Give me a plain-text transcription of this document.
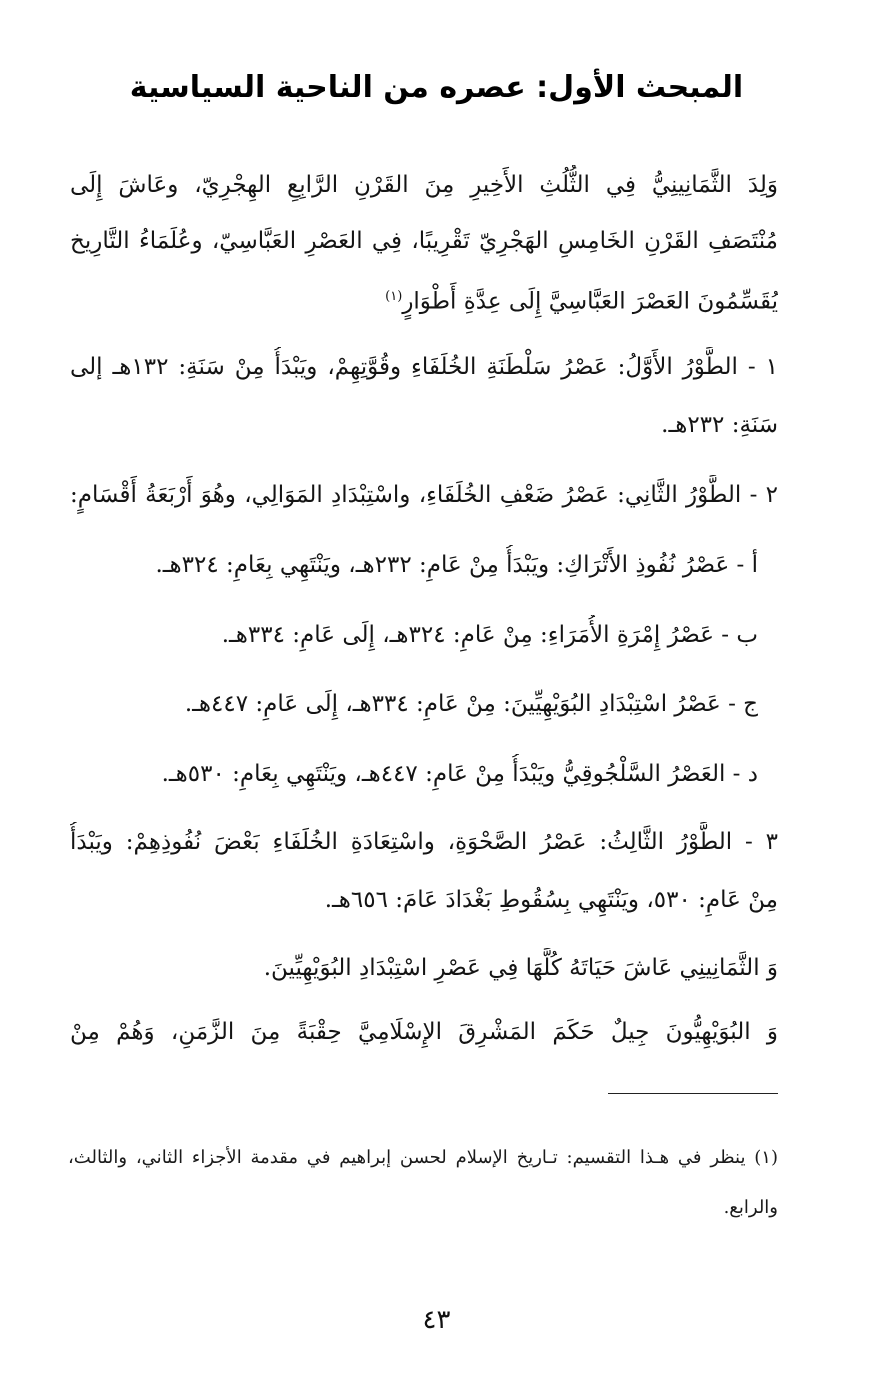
المبحث الأول: عصره من الناحية السياسية
وَلِدَ الثَّمَانِينِيُّ فِي الثُّلُثِ الأَخِيرِ مِنَ القَرْنِ الرَّابِعِ الهِجْرِيّ، وعَاشَ إِلَى
مُنْتَصَفِ القَرْنِ الخَامِسِ الهَجْرِيّ تَقْرِيبًا، فِي العَصْرِ العَبَّاسِيّ، وعُلَمَاءُ التَّارِيخ
يُقَسِّمُونَ العَصْرَ العَبَّاسِيَّ إِلَى عِدَّةِ أَطْوَارٍ$^{(١)}$
١ - الطَّوْرُ الأَوَّلُ: عَصْرُ سَلْطَنَةِ الخُلَفَاءِ وقُوَّتِهِمْ، ويَبْدَأُ مِنْ سَنَةِ: ١٣٢هـ إلى
سَنَةِ: ٢٣٢هـ.
٢ - الطَّوْرُ الثَّانِي: عَصْرُ ضَعْفِ الخُلَفَاءِ، واسْتِبْدَادِ المَوَالِي، وهُوَ أَرْبَعَةُ أَقْسَامٍ:
أ - عَصْرُ نُفُوذِ الأَتْرَاكِ: ويَبْدَأُ مِنْ عَامِ: ٢٣٢هـ، ويَنْتَهِي بِعَامِ: ٣٢٤هـ.
ب - عَصْرُ إِمْرَةِ الأُمَرَاءِ: مِنْ عَامِ: ٣٢٤هـ، إِلَى عَامِ: ٣٣٤هـ.
ج - عَصْرُ اسْتِبْدَادِ البُوَيْهِيِّينَ: مِنْ عَامِ: ٣٣٤هـ، إِلَى عَامِ: ٤٤٧هـ.
د - العَصْرُ السَّلْجُوقِيُّ ويَبْدَأُ مِنْ عَامِ: ٤٤٧هـ، ويَنْتَهِي بِعَامِ: ٥٣٠هـ.
٣ - الطَّوْرُ الثَّالِثُ: عَصْرُ الصَّحْوَةِ، واسْتِعَادَةِ الخُلَفَاءِ بَعْضَ نُفُوذِهِمْ: ويَبْدَأُ
مِنْ عَامِ: ٥٣٠، ويَنْتَهِي بِسُقُوطِ بَغْدَادَ عَامَ: ٦٥٦هـ.
وَ الثَّمَانِينِي عَاشَ حَيَاتَهُ كُلَّهَا فِي عَصْرِ اسْتِبْدَادِ البُوَيْهِيِّينَ.
وَ البُوَيْهِيُّونَ جِيلٌ حَكَمَ المَشْرِقَ الإِسْلَامِيَّ حِقْبَةً مِنَ الزَّمَنِ، وَهُمْ مِنْ
(١) ينظر في هـذا التقسيم: تـاريخ الإسلام لحسن إبراهيم في مقدمة الأجزاء الثاني، والثالث،
والرابع.
٤٣
